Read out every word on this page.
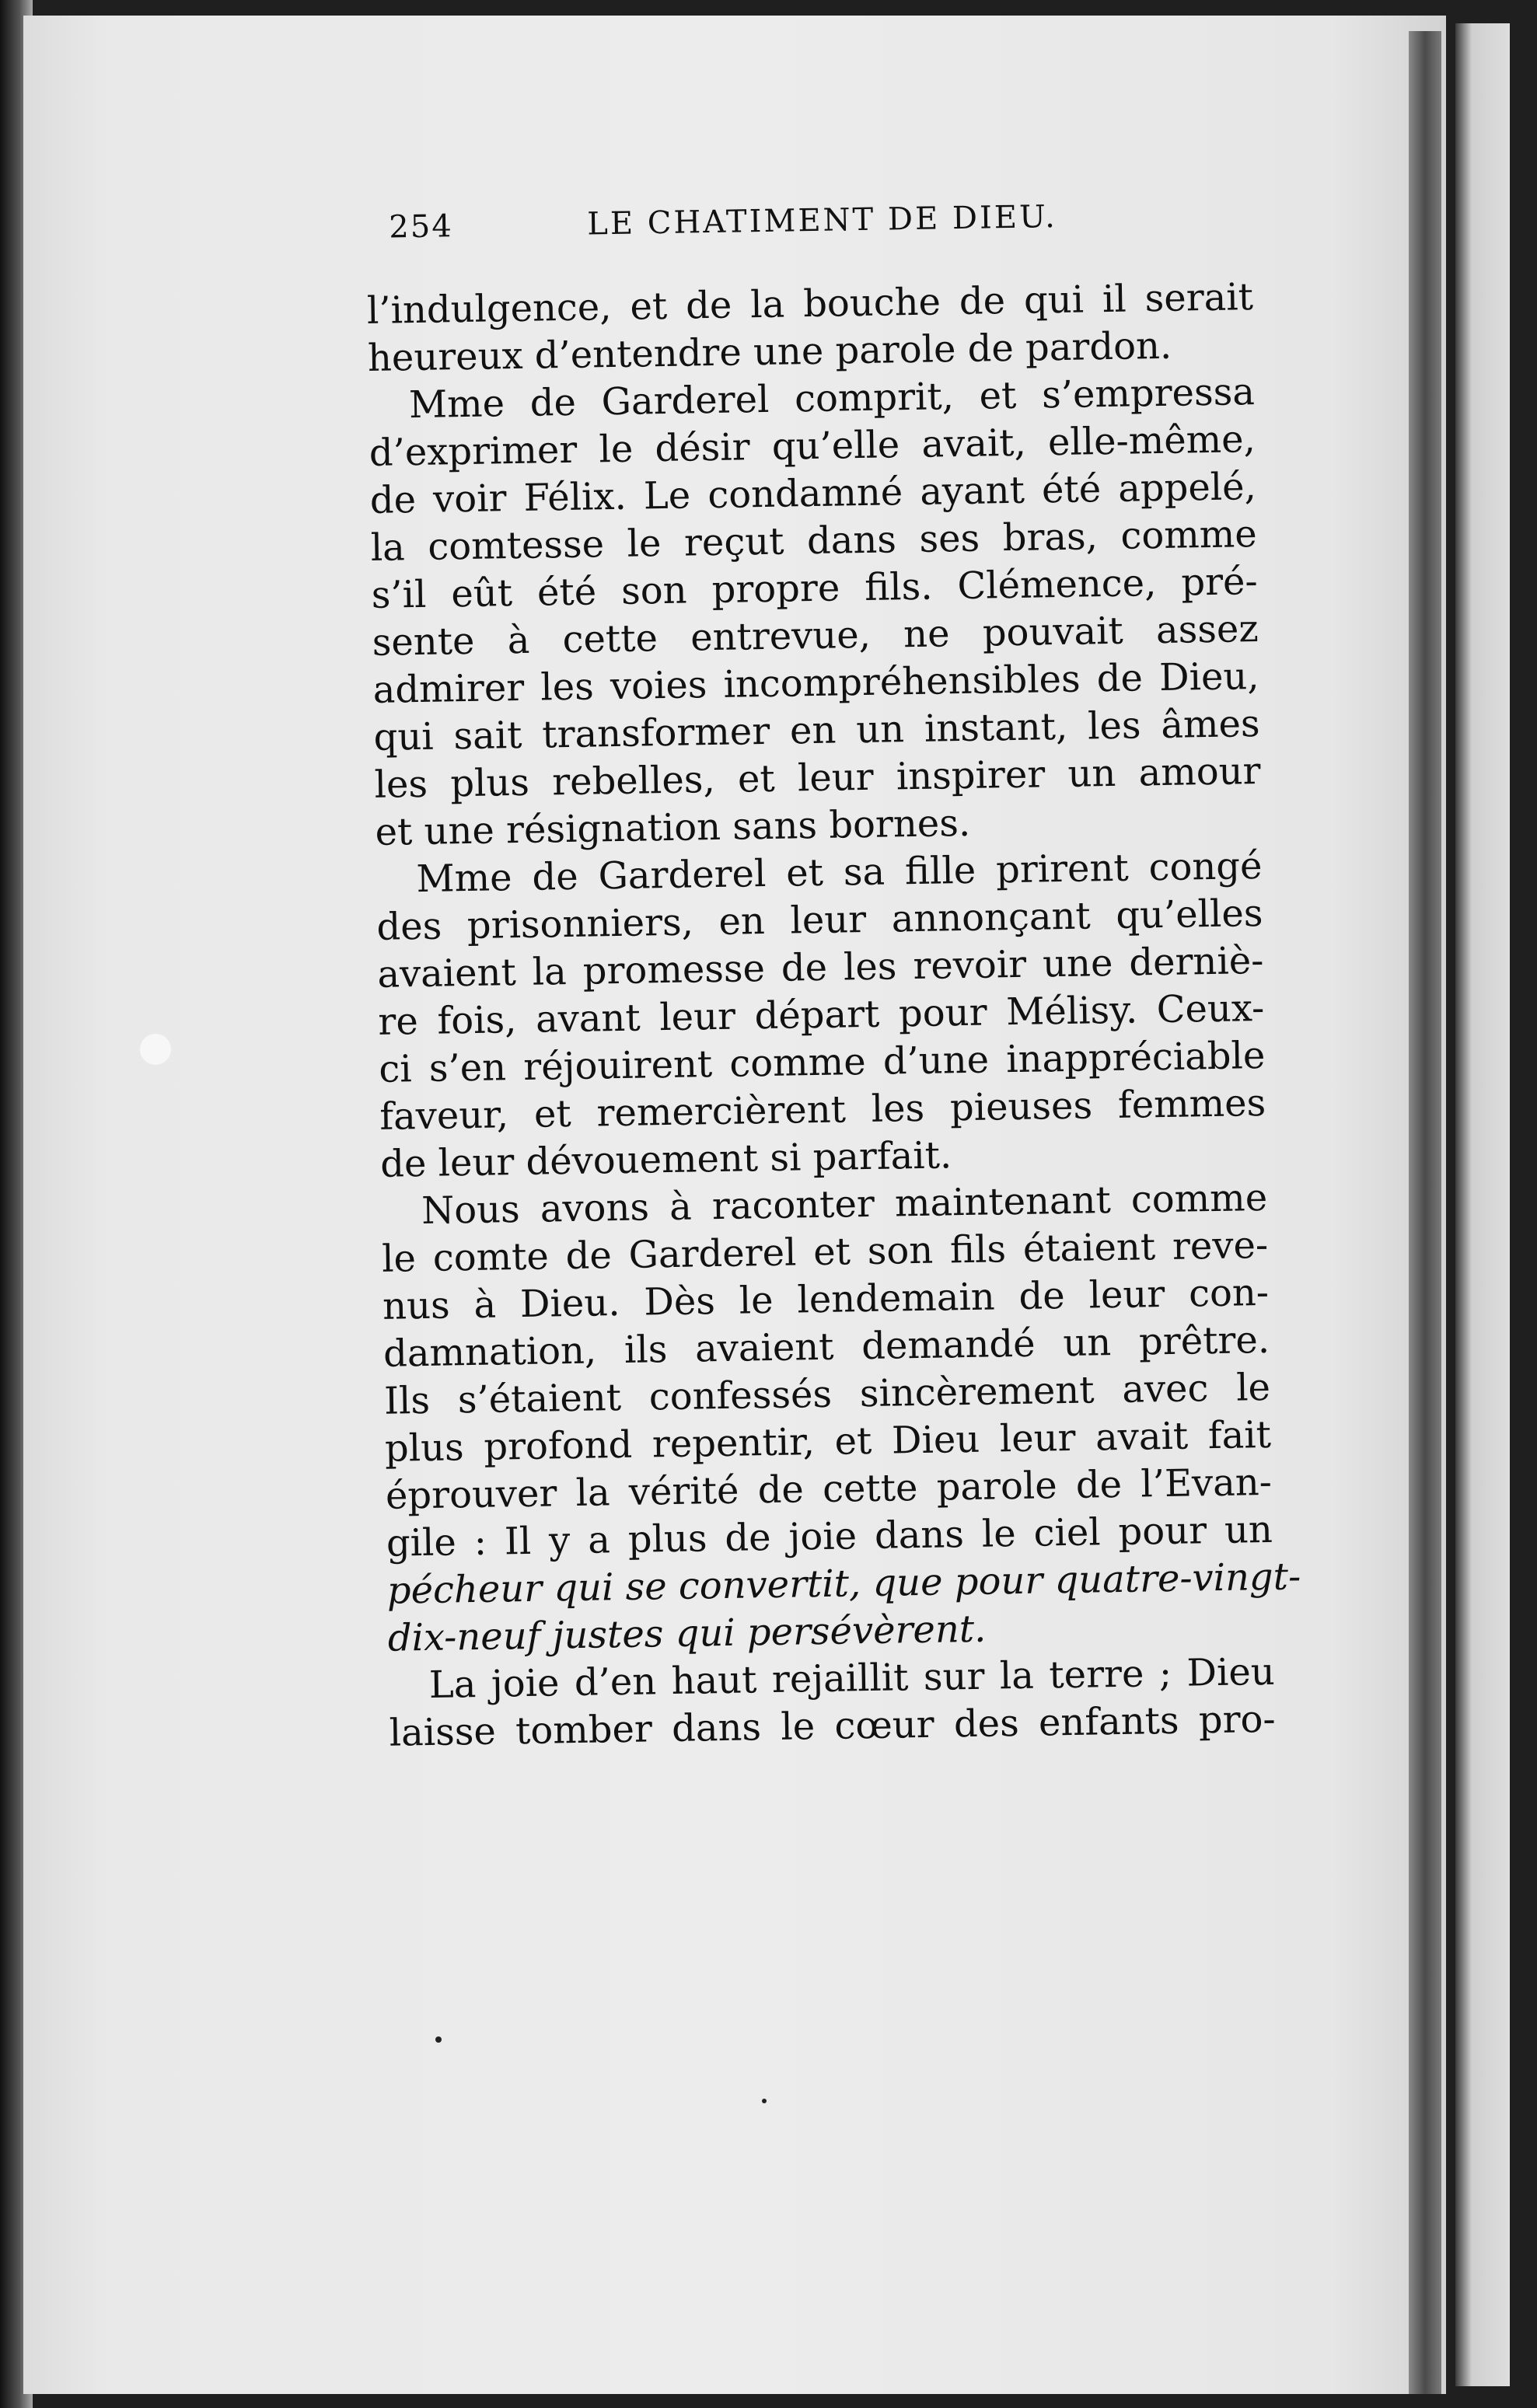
254	LE CHATIMENT DE DIEU.
l’indulgence, et de la bouche de qui il serait
heureux d’entendre une parole de pardon.
Mme de Garderel comprit, et s’empressa
d’exprimer le désir qu’elle avait, elle-même,
de voir Félix. Le condamné ayant été appelé,
la comtesse le reçut dans ses bras, comme
s’il eût été son propre fils. Clémence, pré-
sente à cette entrevue, ne pouvait assez
admirer les voies incompréhensibles de Dieu,
qui sait transformer en un instant, les âmes
les plus rebelles, et leur inspirer un amour
et une résignation sans bornes.
Mme de Garderel et sa fille prirent congé
des prisonniers, en leur annonçant qu’elles
avaient la promesse de les revoir une derniè-
re fois, avant leur départ pour Mélisy. Ceux-
ci s’en réjouirent comme d’une inappréciable
faveur, et remercièrent les pieuses femmes
de leur dévouement si parfait.
Nous avons à raconter maintenant comme
le comte de Garderel et son fils étaient reve-
nus à Dieu. Dès le lendemain de leur con-
damnation, ils avaient demandé un prêtre.
Ils s’étaient confessés sincèrement avec le
plus profond repentir, et Dieu leur avait fait
éprouver la vérité de cette parole de l’Evan-
gile : Il y a plus de joie dans le ciel pour un
pécheur qui se convertit, que pour quatre-vingt-
dix-neuf justes qui persévèrent.
La joie d’en haut rejaillit sur la terre ; Dieu
laisse tomber dans le cœur des enfants pro-
